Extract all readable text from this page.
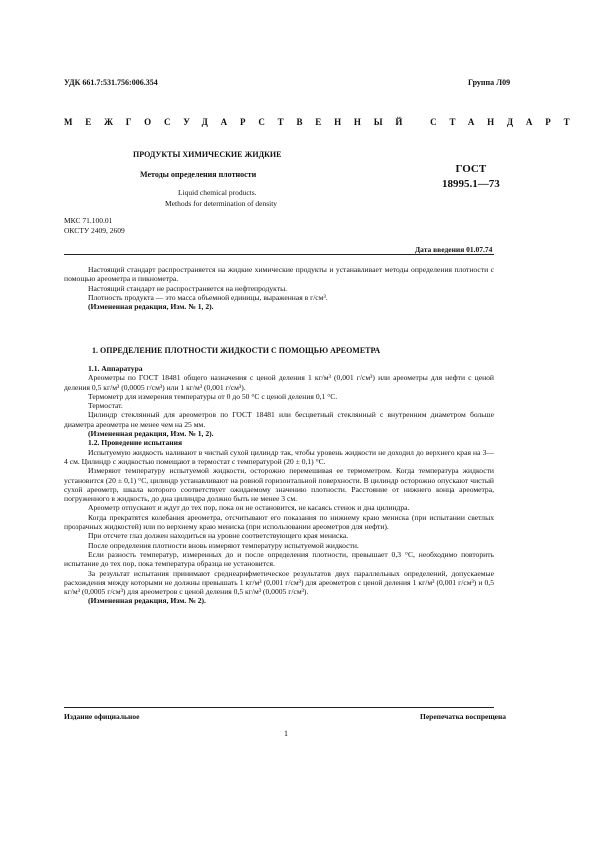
УДК 661.7:531.756:006.354	Группа Л09
МЕЖГОСУДАРСТВЕННЫЙ СТАНДАРТ
ПРОДУКТЫ ХИМИЧЕСКИЕ ЖИДКИЕ
Методы определения плотности	ГОСТ
18995.1—73
Liquid chemical products.
Methods for determination of density
МКС 71.100.01
ОКСТУ 2409, 2609
Дата введения 01.07.74

Настоящий стандарт распространяется на жидкие химические продукты и устанавливает методы определения плотности с помощью ареометра и пикнометра.

Настоящий стандарт не распространяется на нефтепродукты.

Плотность продукта — это масса объемной единицы, выраженная в г/см³.

(Измененная редакция, Изм. № 1, 2).

1. ОПРЕДЕЛЕНИЕ ПЛОТНОСТИ ЖИДКОСТИ С ПОМОЩЬЮ АРЕОМЕТРА

1.1. Аппаратура

Ареометры по ГОСТ 18481 общего назначения с ценой деления 1 кг/м³ (0,001 г/см³) или ареометры для нефти с ценой деления 0,5 кг/м³ (0,0005 г/см³) или 1 кг/м³ (0,001 г/см³).

Термометр для измерения температуры от 0 до 50 °С с ценой деления 0,1 °С.

Термостат.

Цилиндр стеклянный для ареометров по ГОСТ 18481 или бесцветный стеклянный с внутренним диаметром больше диаметра ареометра не менее чем на 25 мм.

(Измененная редакция, Изм. № 1, 2).

1.2. Проведение испытания

Испытуемую жидкость наливают в чистый сухой цилиндр так, чтобы уровень жидкости не доходил до верхнего края на 3—4 см. Цилиндр с жидкостью помещают в термостат с температурой (20 ± 0,1) °С.

Измеряют температуру испытуемой жидкости, осторожно перемешивая ее термометром. Когда температура жидкости установится (20 ± 0,1) °С, цилиндр устанавливают на ровной горизонтальной поверхности. В цилиндр осторожно опускают чистый сухой ареометр, шкала которого соответствует ожидаемому значению плотности. Расстояние от нижнего конца ареометра, погруженного в жидкость, до дна цилиндра должно быть не менее 3 см.

Ареометр отпускают и ждут до тех пор, пока он не остановится, не касаясь стенок и дна цилиндра.

Когда прекратятся колебания ареометра, отсчитывают его показания по нижнему краю мениска (при испытании светлых прозрачных жидкостей) или по верхнему краю мениска (при использовании ареометров для нефти).

При отсчете глаз должен находиться на уровне соответствующего края мениска.

После определения плотности вновь измеряют температуру испытуемой жидкости.

Если разность температур, измеренных до и после определения плотности, превышает 0,3 °С, необходимо повторить испытание до тех пор, пока температура образца не установится.

За результат испытания принимают среднеарифметическое результатов двух параллельных определений, допускаемые расхождения между которыми не должны превышать 1 кг/м³ (0,001 г/см³) для ареометров с ценой деления 1 кг/м³ (0,001 г/см³) и 0,5 кг/м³ (0,0005 г/см³) для ареометров с ценой деления 0,5 кг/м³ (0,0005 г/см³).

(Измененная редакция, Изм. № 2).

Издание официальное	Перепечатка воспрещена
1
